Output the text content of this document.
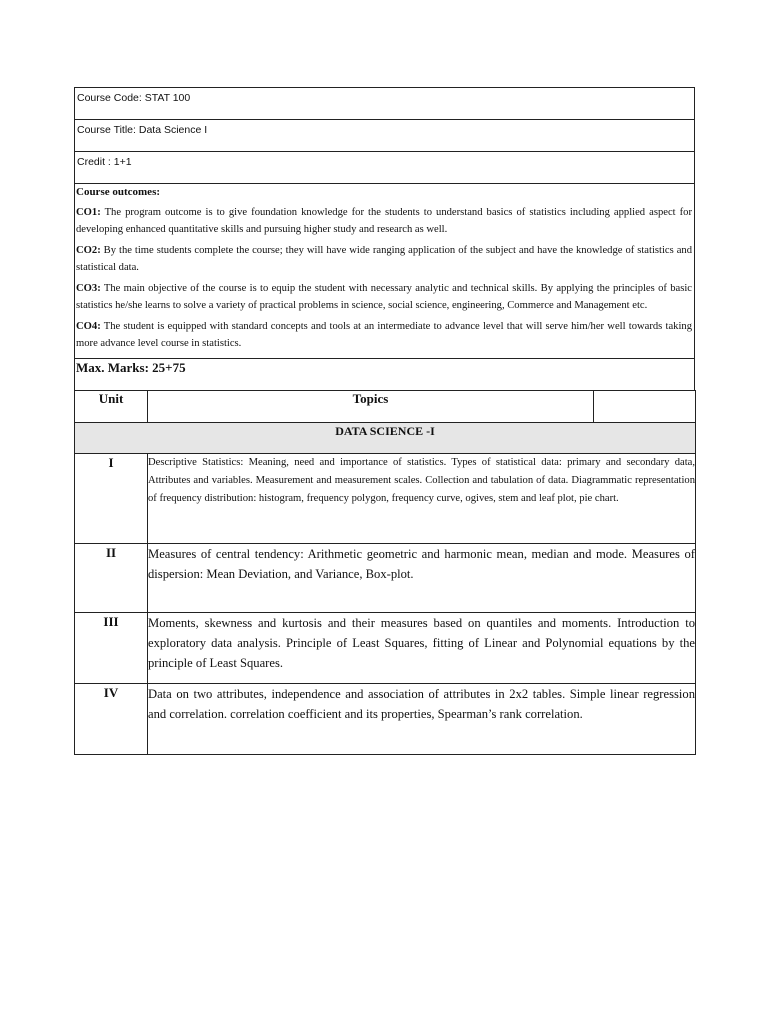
Course Code: STAT 100
Course Title: Data Science I
Credit : 1+1
Course outcomes:
CO1: The program outcome is to give foundation knowledge for the students to understand basics of statistics including applied aspect for developing enhanced quantitative skills and pursuing higher study and research as well.
CO2: By the time students complete the course; they will have wide ranging application of the subject and have the knowledge of statistics and statistical data.
CO3: The main objective of the course is to equip the student with necessary analytic and technical skills. By applying the principles of basic statistics he/she learns to solve a variety of practical problems in science, social science, engineering, Commerce and Management etc.
CO4: The student is equipped with standard concepts and tools at an intermediate to advance level that will serve him/her well towards taking more advance level course in statistics.
Max. Marks: 25+75
Unit	Topics	
DATA SCIENCE -I		
I	Descriptive Statistics: Meaning, need and importance of statistics. Types of statistical data: primary and secondary data, Attributes and variables. Measurement and measurement scales. Collection and tabulation of data. Diagrammatic representation of frequency distribution: histogram, frequency polygon, frequency curve, ogives, stem and leaf plot, pie chart.	
II	Measures of central tendency: Arithmetic geometric and harmonic mean, median and mode. Measures of dispersion: Mean Deviation, and Variance, Box-plot.	
III	Moments, skewness and kurtosis and their measures based on quantiles and moments. Introduction to exploratory data analysis. Principle of Least Squares, fitting of Linear and Polynomial equations by the principle of Least Squares.	
IV	Data on two attributes, independence and association of attributes in 2x2 tables. Simple linear regression and correlation. correlation coefficient and its properties, Spearman’s rank correlation.	
